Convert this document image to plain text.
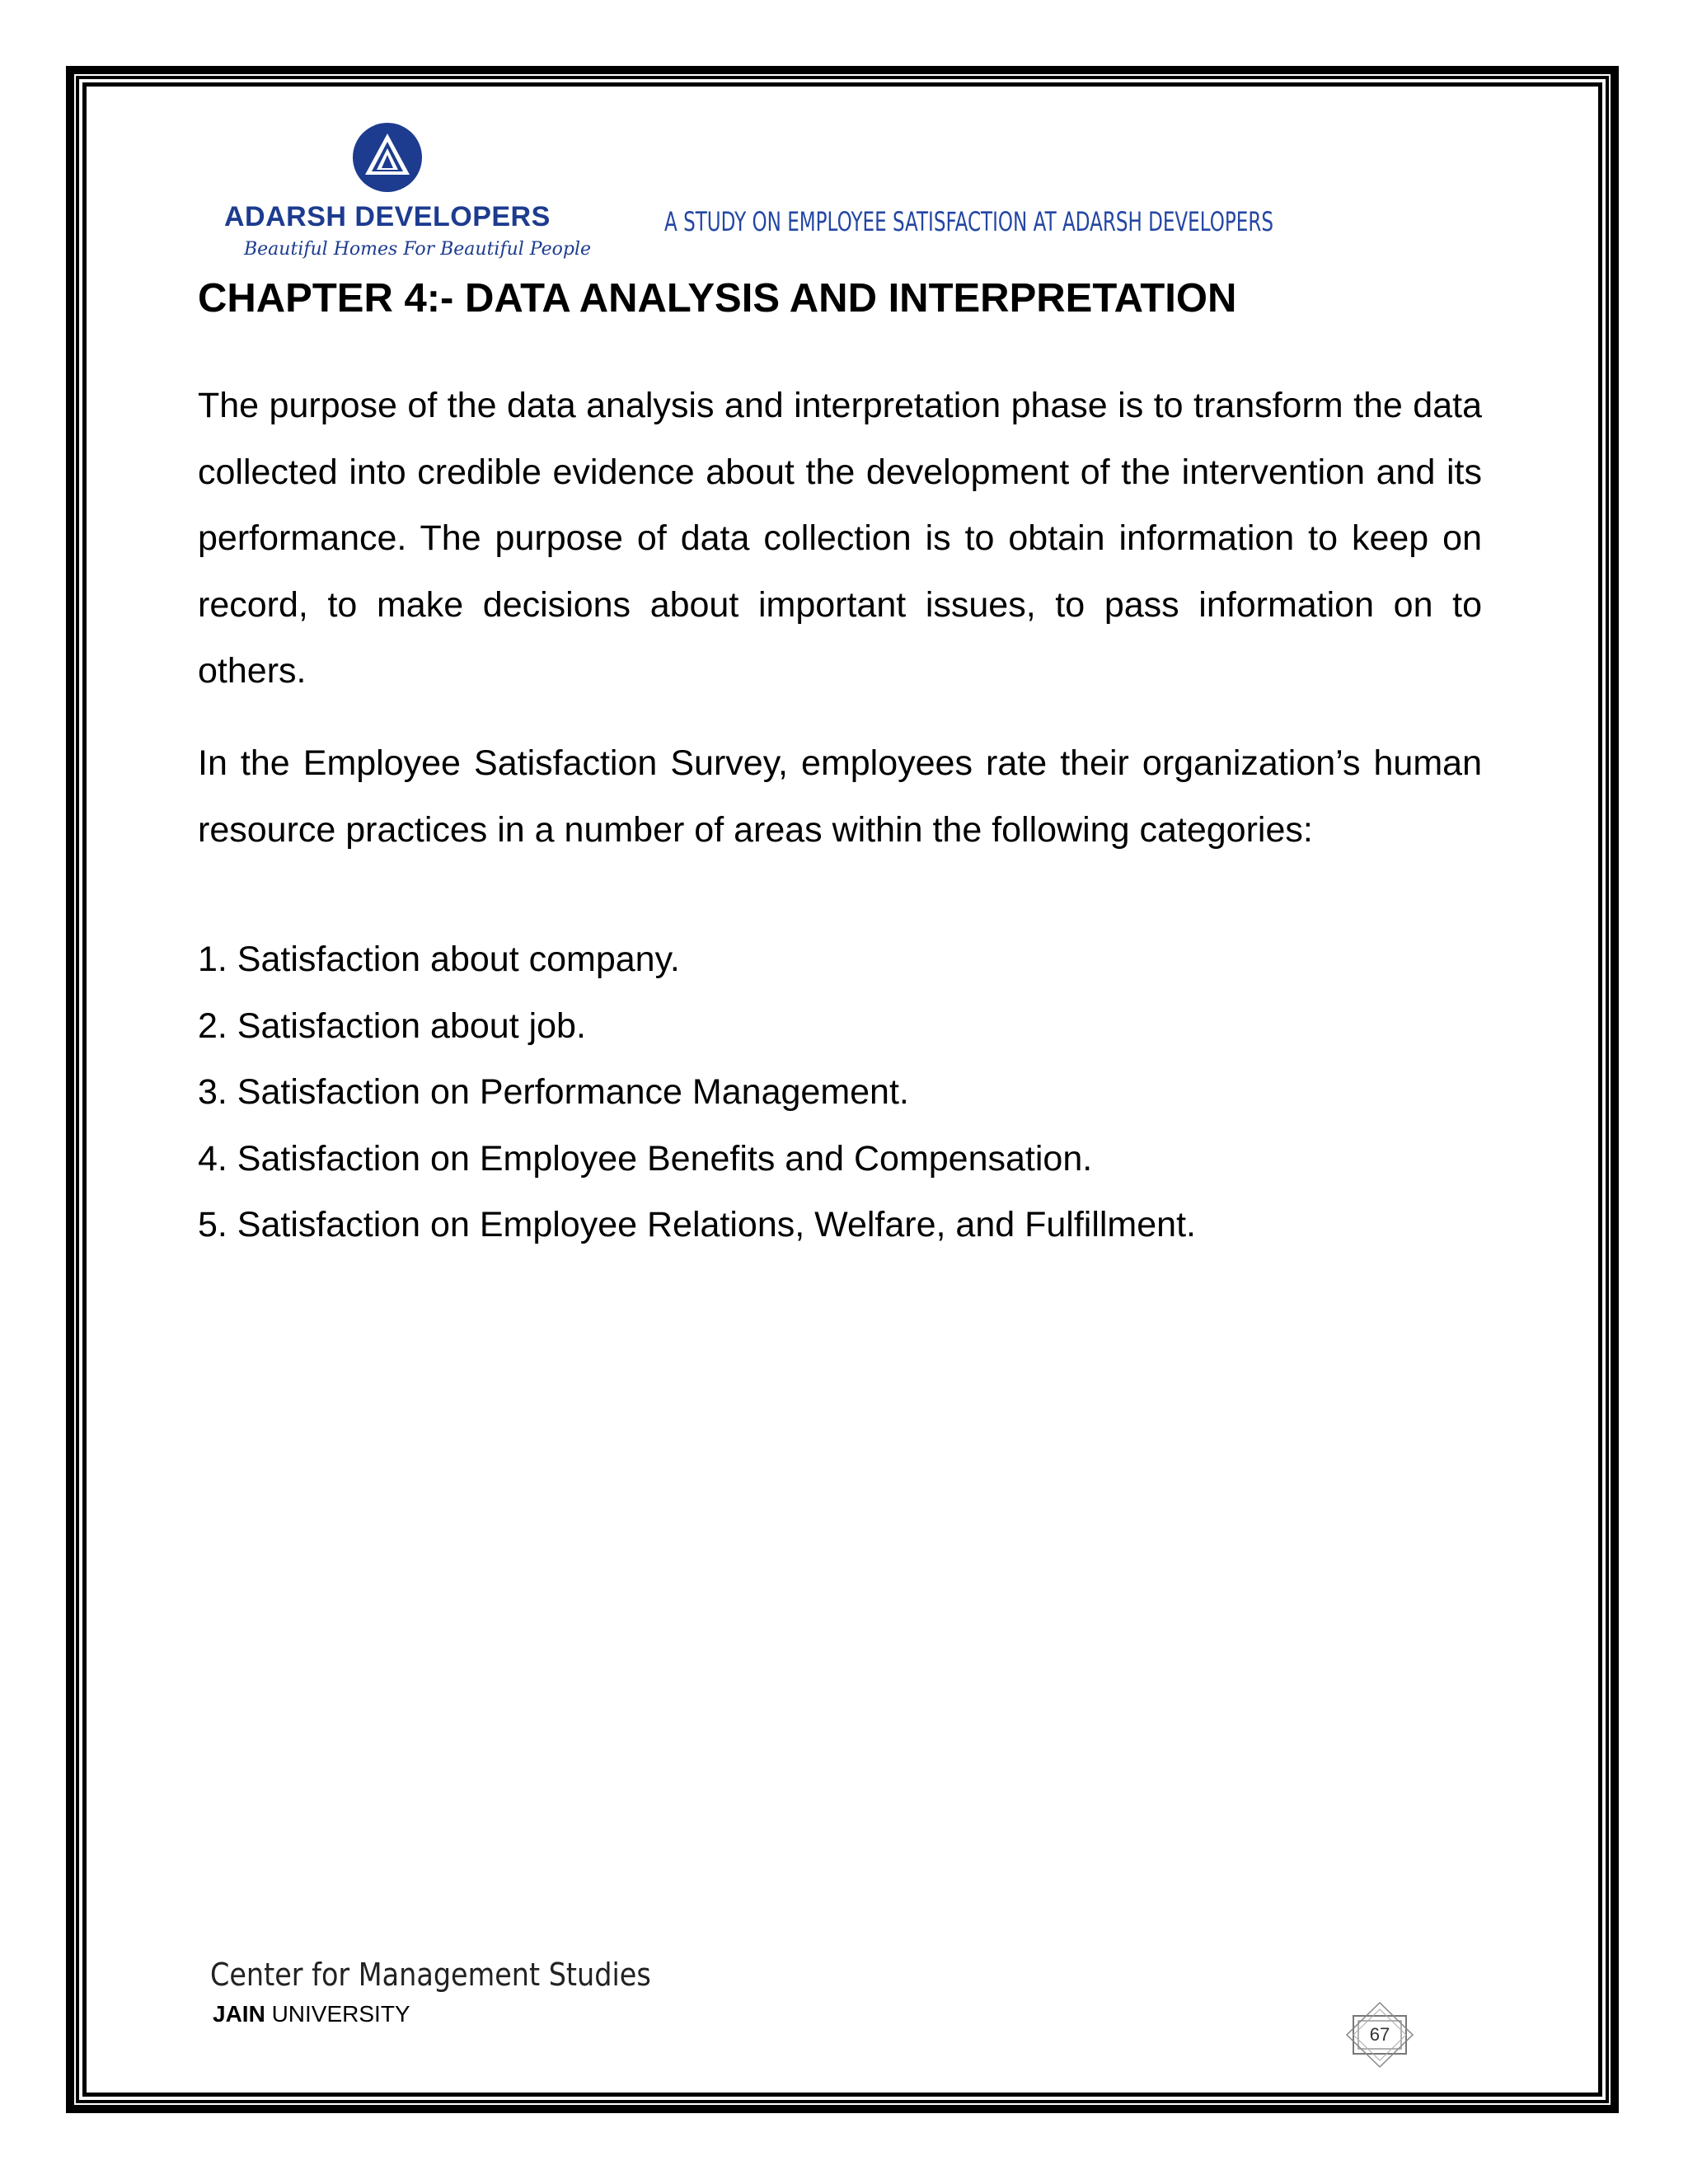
ADARSH DEVELOPERS
Beautiful Homes For Beautiful People
A STUDY ON EMPLOYEE SATISFACTION AT ADARSH DEVELOPERS
CHAPTER 4:- DATA ANALYSIS AND INTERPRETATION

The purpose of the data analysis and interpretation phase is to transform the data collected into credible evidence about the development of the intervention and its performance. The purpose of data collection is to obtain information to keep on record, to make decisions about important issues, to pass information on to others.

In the Employee Satisfaction Survey, employees rate their organization’s human resource practices in a number of areas within the following categories:

1. Satisfaction about company.
2. Satisfaction about job.
3. Satisfaction on Performance Management.
4. Satisfaction on Employee Benefits and Compensation.
5. Satisfaction on Employee Relations, Welfare, and Fulfillment.
Center for Management Studies
JAIN UNIVERSITY
67
